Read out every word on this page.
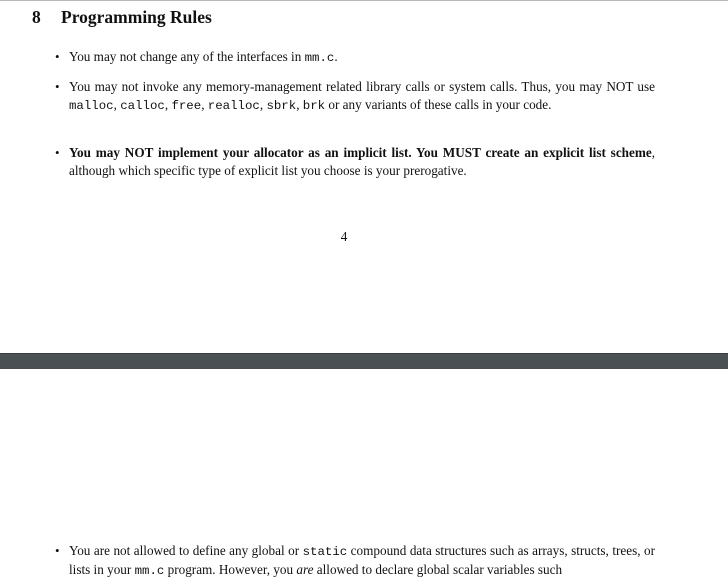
8 Programming Rules
• You may not change any of the interfaces in mm.c.
• You may not invoke any memory-management related library calls or system calls. Thus, you may NOT use malloc, calloc, free, realloc, sbrk, brk or any variants of these calls in your code.
• You may NOT implement your allocator as an implicit list. You MUST create an explicit list scheme, although which specific type of explicit list you choose is your prerogative.
4
• You are not allowed to define any global or static compound data structures such as arrays, structs, trees, or lists in your mm.c program. However, you are allowed to declare global scalar variables such
